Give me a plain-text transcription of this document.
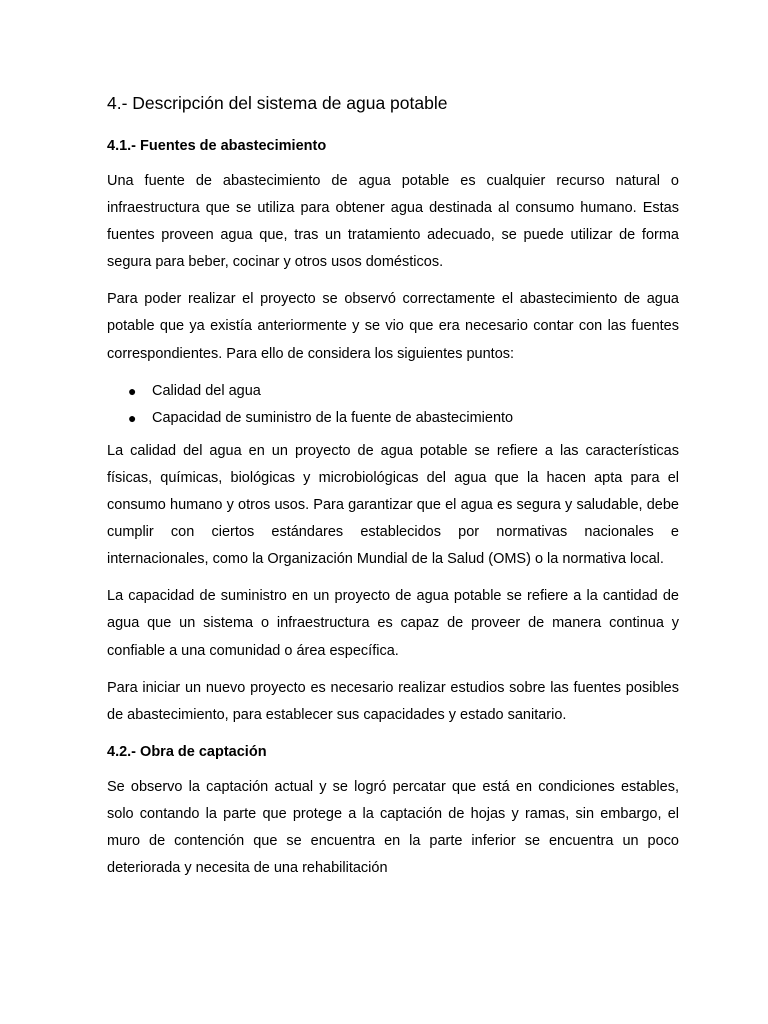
4.- Descripción del sistema de agua potable
4.1.- Fuentes de abastecimiento

Una fuente de abastecimiento de agua potable es cualquier recurso natural o infraestructura que se utiliza para obtener agua destinada al consumo humano. Estas fuentes proveen agua que, tras un tratamiento adecuado, se puede utilizar de forma segura para beber, cocinar y otros usos domésticos.

Para poder realizar el proyecto se observó correctamente el abastecimiento de agua potable que ya existía anteriormente y se vio que era necesario contar con las fuentes correspondientes. Para ello de considera los siguientes puntos:

● Calidad del agua
● Capacidad de suministro de la fuente de abastecimiento

La calidad del agua en un proyecto de agua potable se refiere a las características físicas, químicas, biológicas y microbiológicas del agua que la hacen apta para el consumo humano y otros usos. Para garantizar que el agua es segura y saludable, debe cumplir con ciertos estándares establecidos por normativas nacionales e internacionales, como la Organización Mundial de la Salud (OMS) o la normativa local.

La capacidad de suministro en un proyecto de agua potable se refiere a la cantidad de agua que un sistema o infraestructura es capaz de proveer de manera continua y confiable a una comunidad o área específica.

Para iniciar un nuevo proyecto es necesario realizar estudios sobre las fuentes posibles de abastecimiento, para establecer sus capacidades y estado sanitario.

4.2.- Obra de captación

Se observo la captación actual y se logró percatar que está en condiciones estables, solo contando la parte que protege a la captación de hojas y ramas, sin embargo, el muro de contención que se encuentra en la parte inferior se encuentra un poco deteriorada y necesita de una rehabilitación
